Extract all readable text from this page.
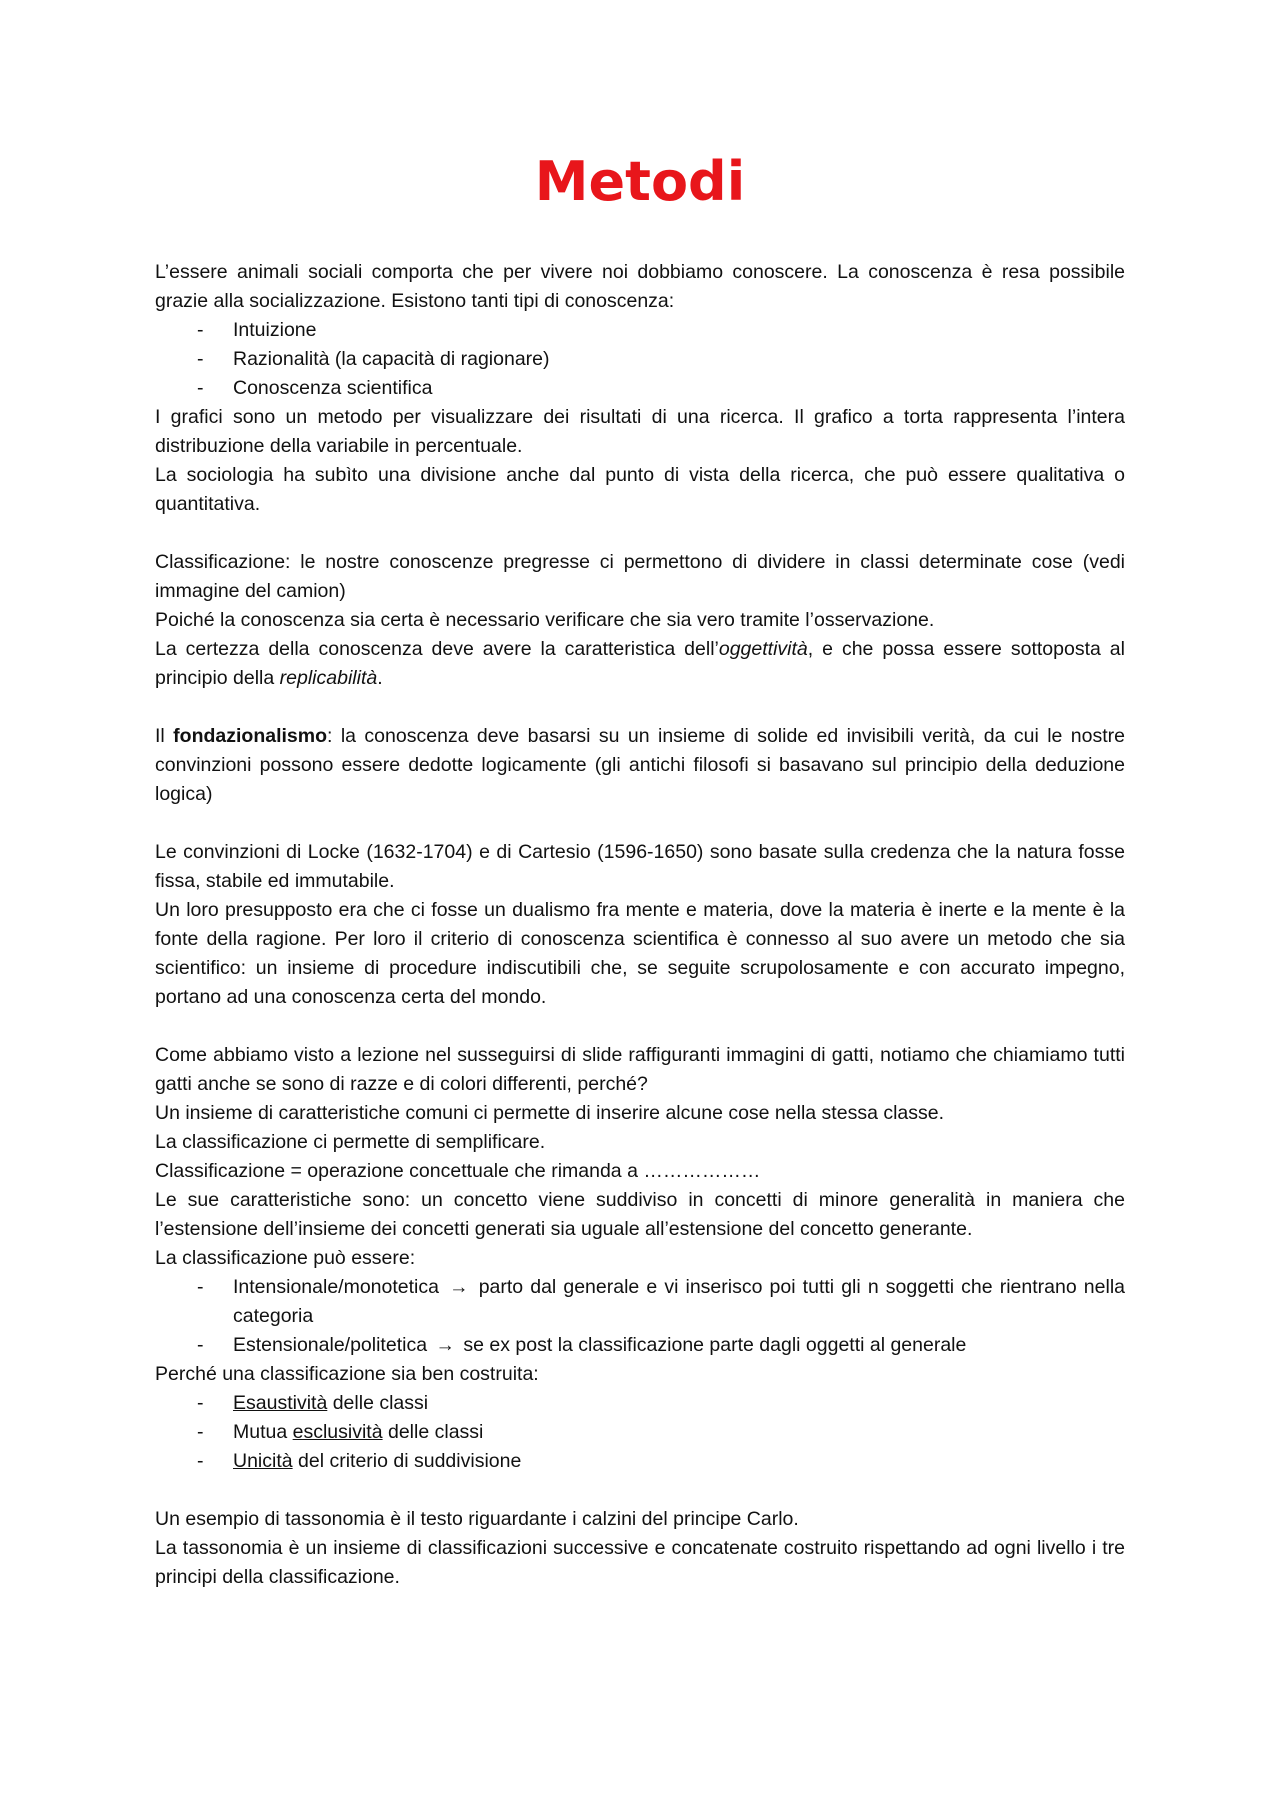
Metodi

L’essere animali sociali comporta che per vivere noi dobbiamo conoscere. La conoscenza è resa possibile grazie alla socializzazione. Esistono tanti tipi di conoscenza:

- Intuizione
- Razionalità (la capacità di ragionare)
- Conoscenza scientifica

I grafici sono un metodo per visualizzare dei risultati di una ricerca. Il grafico a torta rappresenta l’intera distribuzione della variabile in percentuale.

La sociologia ha subìto una divisione anche dal punto di vista della ricerca, che può essere qualitativa o quantitativa.

Classificazione: le nostre conoscenze pregresse ci permettono di dividere in classi determinate cose (vedi immagine del camion)

Poiché la conoscenza sia certa è necessario verificare che sia vero tramite l’osservazione.

La certezza della conoscenza deve avere la caratteristica dell’oggettività, e che possa essere sottoposta al principio della replicabilità.

Il fondazionalismo: la conoscenza deve basarsi su un insieme di solide ed invisibili verità, da cui le nostre convinzioni possono essere dedotte logicamente (gli antichi filosofi si basavano sul principio della deduzione logica)

Le convinzioni di Locke (1632-1704) e di Cartesio (1596-1650) sono basate sulla credenza che la natura fosse fissa, stabile ed immutabile.

Un loro presupposto era che ci fosse un dualismo fra mente e materia, dove la materia è inerte e la mente è la fonte della ragione. Per loro il criterio di conoscenza scientifica è connesso al suo avere un metodo che sia scientifico: un insieme di procedure indiscutibili che, se seguite scrupolosamente e con accurato impegno, portano ad una conoscenza certa del mondo.

Come abbiamo visto a lezione nel susseguirsi di slide raffiguranti immagini di gatti, notiamo che chiamiamo tutti gatti anche se sono di razze e di colori differenti, perché?

Un insieme di caratteristiche comuni ci permette di inserire alcune cose nella stessa classe.

La classificazione ci permette di semplificare.

Classificazione = operazione concettuale che rimanda a ………………

Le sue caratteristiche sono: un concetto viene suddiviso in concetti di minore generalità in maniera che l’estensione dell’insieme dei concetti generati sia uguale all’estensione del concetto generante.

La classificazione può essere:

- Intensionale/monotetica → parto dal generale e vi inserisco poi tutti gli n soggetti che rientrano nella categoria
- Estensionale/politetica → se ex post la classificazione parte dagli oggetti al generale

Perché una classificazione sia ben costruita:

- Esaustività delle classi
- Mutua esclusività delle classi
- Unicità del criterio di suddivisione

Un esempio di tassonomia è il testo riguardante i calzini del principe Carlo.

La tassonomia è un insieme di classificazioni successive e concatenate costruito rispettando ad ogni livello i tre principi della classificazione.
